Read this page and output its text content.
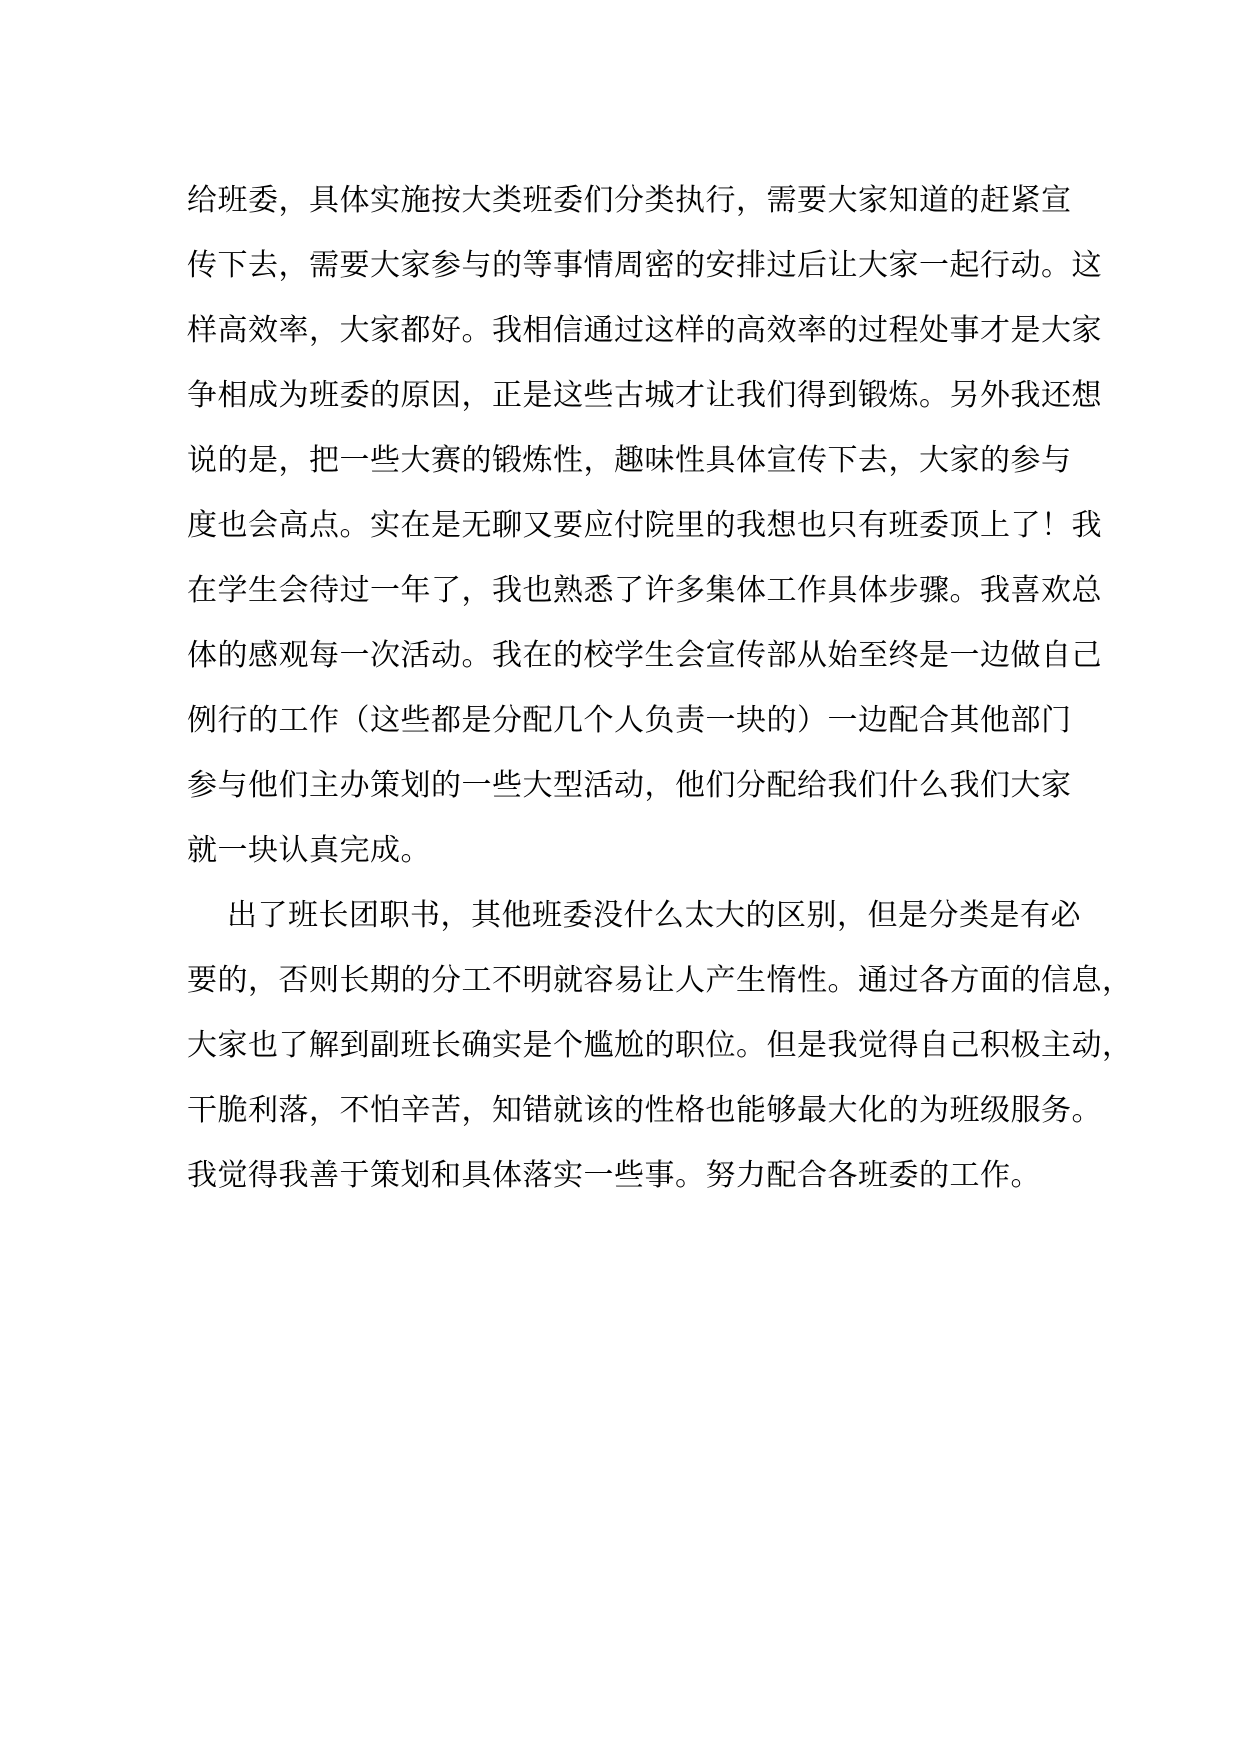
给班委，具体实施按大类班委们分类执行，需要大家知道的赶紧宣
传下去，需要大家参与的等事情周密的安排过后让大家一起行动。这
样高效率，大家都好。我相信通过这样的高效率的过程处事才是大家
争相成为班委的原因，正是这些古城才让我们得到锻炼。另外我还想
说的是，把一些大赛的锻炼性，趣味性具体宣传下去，大家的参与
度也会高点。实在是无聊又要应付院里的我想也只有班委顶上了！我
在学生会待过一年了，我也熟悉了许多集体工作具体步骤。我喜欢总
体的感观每一次活动。我在的校学生会宣传部从始至终是一边做自己
例行的工作（这些都是分配几个人负责一块的）一边配合其他部门
参与他们主办策划的一些大型活动，他们分配给我们什么我们大家
就一块认真完成。
出了班长团职书，其他班委没什么太大的区别，但是分类是有必
要的，否则长期的分工不明就容易让人产生惰性。通过各方面的信息，
大家也了解到副班长确实是个尴尬的职位。但是我觉得自己积极主动，
干脆利落，不怕辛苦，知错就该的性格也能够最大化的为班级服务。
我觉得我善于策划和具体落实一些事。努力配合各班委的工作。
